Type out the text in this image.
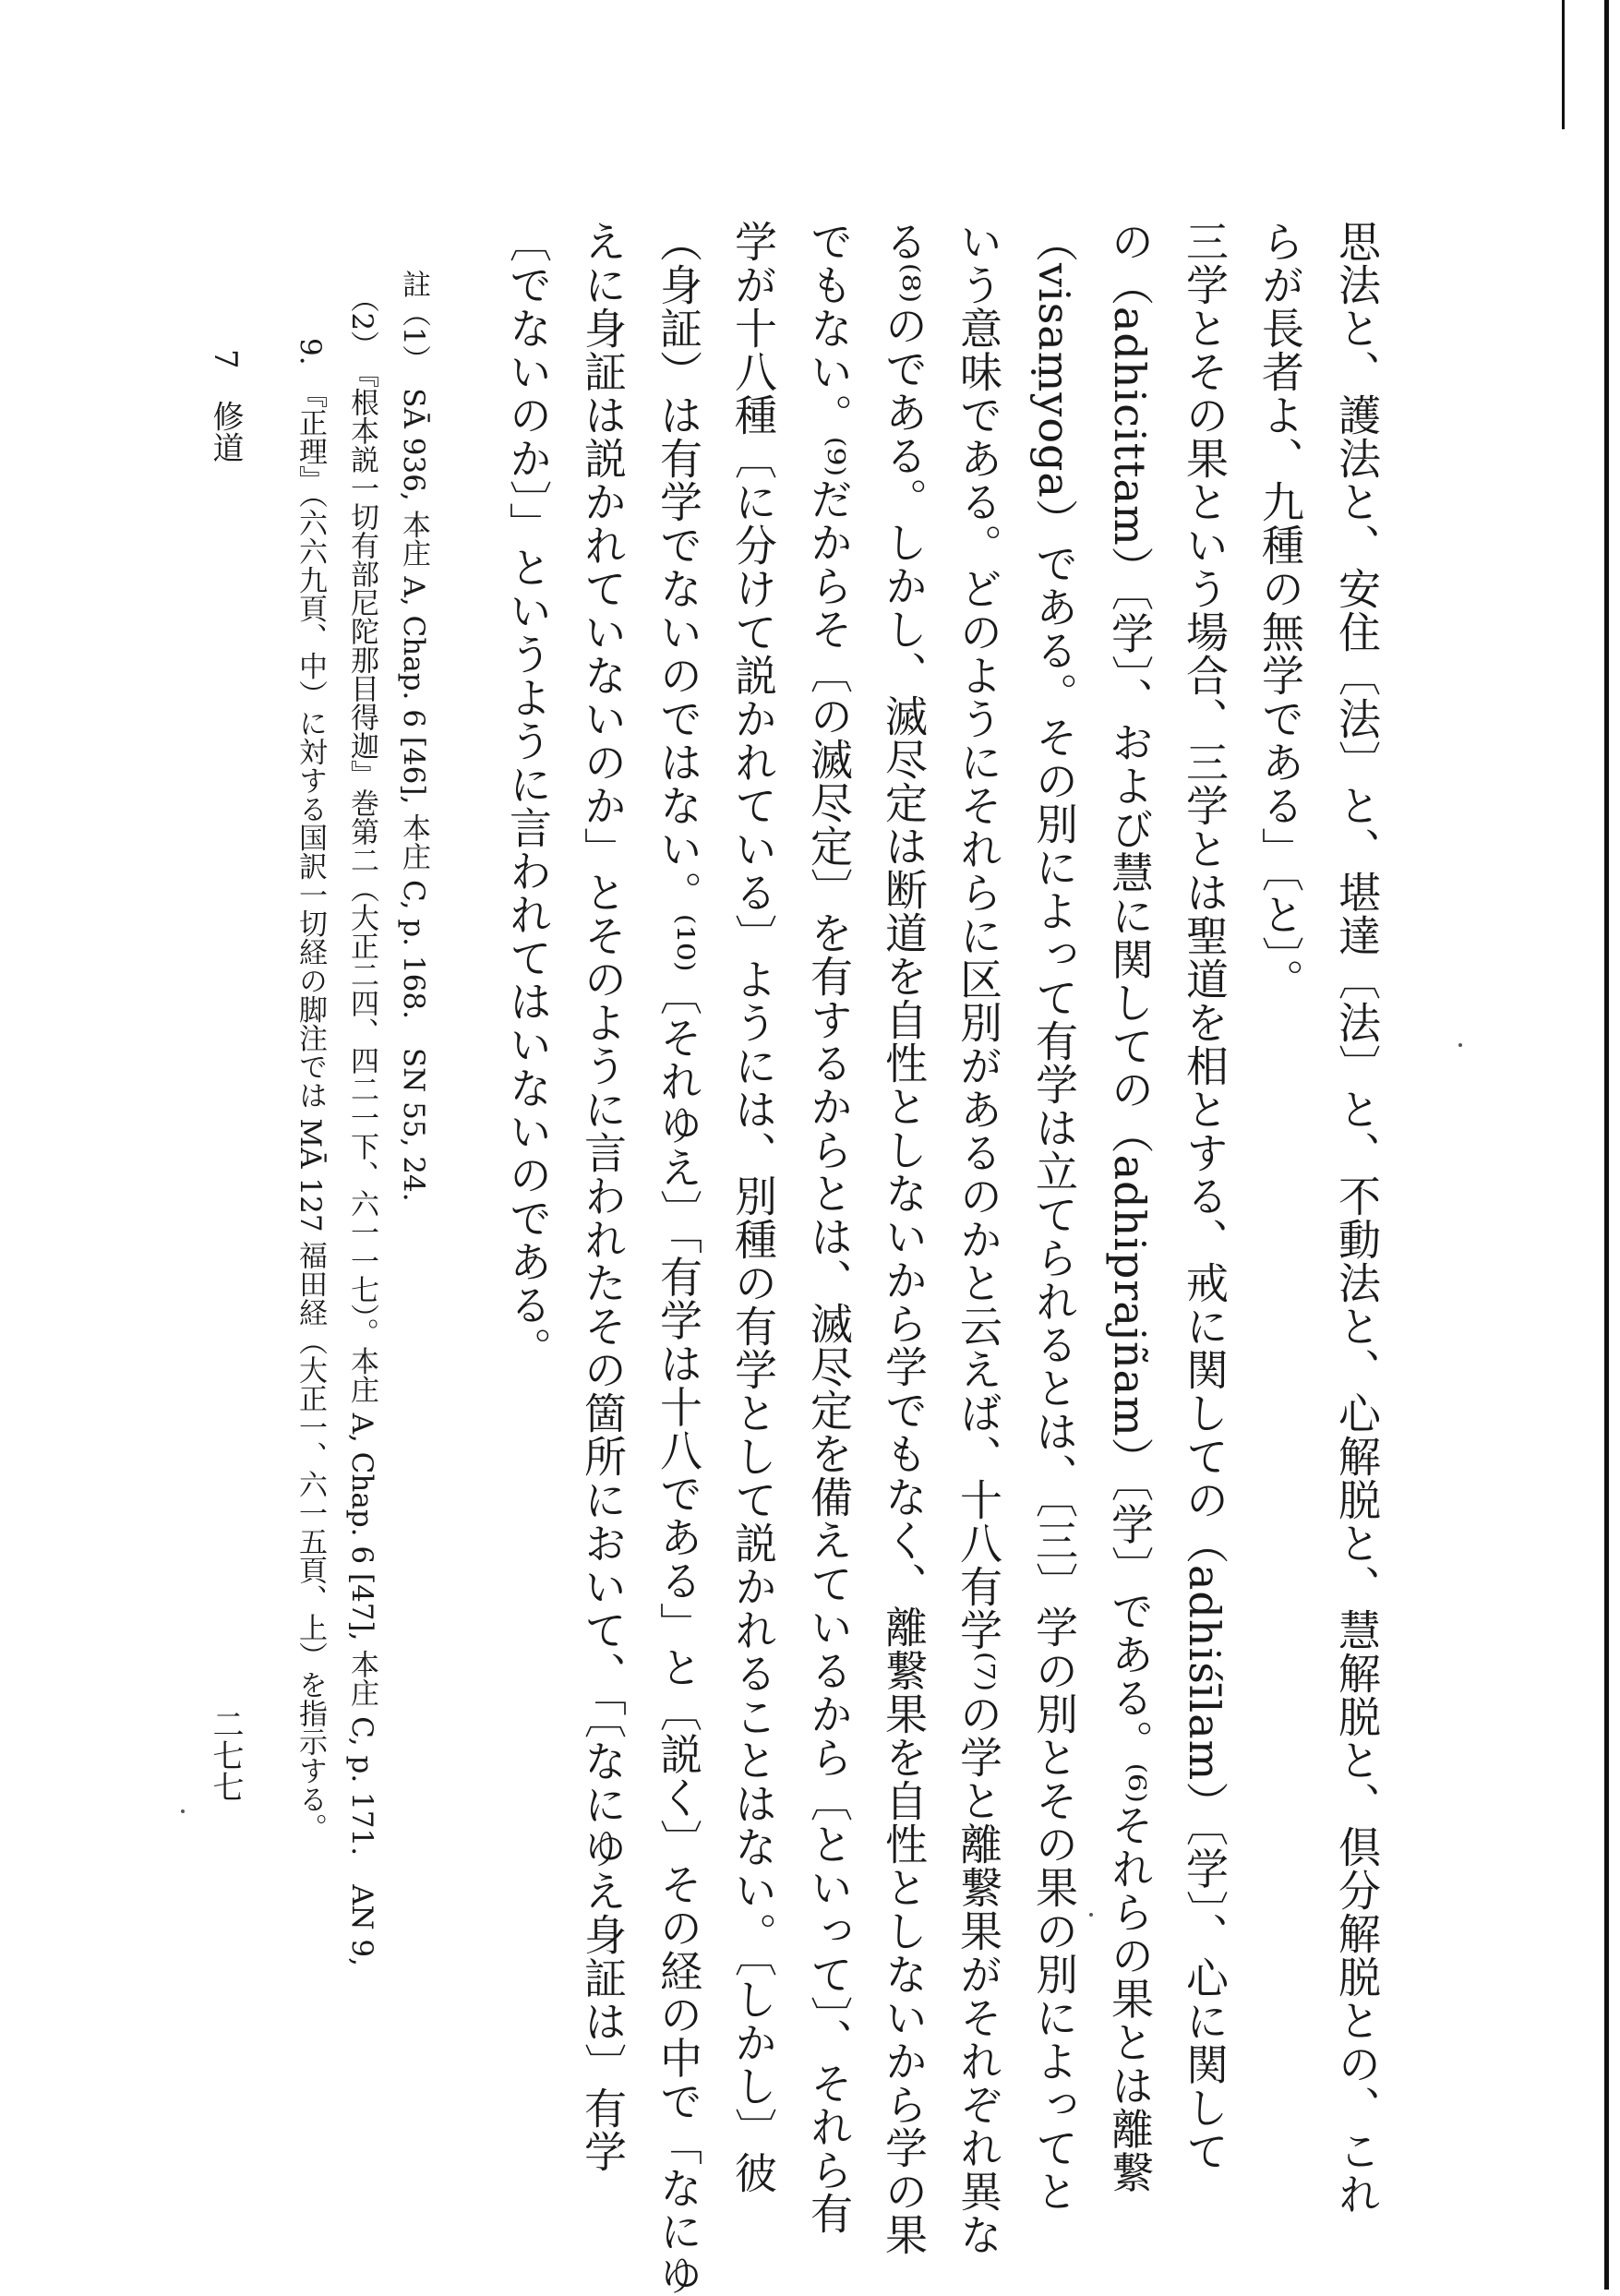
思法と、護法と、安住〔法〕と、堪達〔法〕と、不動法と、心解脱と、慧解脱と、倶分解脱との、これ
らが長者よ、九種の無学である」〔と〕。
三学とその果という場合、三学とは聖道を相とする、戒に関しての（adhiśīlam）〔学〕、心に関して
の（adhicittam）〔学〕、および慧に関しての（adhiprajñam）〔学〕である。⁽⁶⁾それらの果とは離繋
（visaṃyoga）である。その別によって有学は立てられるとは、〔三〕学の別とその果の別によってと
いう意味である。どのようにそれらに区別があるのかと云えば、十八有学⁽⁷⁾の学と離繋果がそれぞれ異な
る⁽⁸⁾のである。しかし、滅尽定は断道を自性としないから学でもなく、離繋果を自性としないから学の果
でもない。⁽⁹⁾だからそ〔の滅尽定〕を有するからとは、滅尽定を備えているから〔といって〕、それら有
学が十八種〔に分けて説かれている〕ようには、別種の有学として説かれることはない。〔しかし〕彼
（身証）は有学でないのではない。⁽¹⁰⁾〔それゆえ〕「有学は十八である」と〔説く〕その経の中で「なにゆ
えに身証は説かれていないのか」とそのように言われたその箇所において、「〔なにゆえ身証は〕有学
〔でないのか〕」というように言われてはいないのである。
註（1）　SĀ 936, 本庄 A, Chap. 6 [46], 本庄 C, p. 168.　SN 55, 24.
　（2）　『根本説一切有部尼陀那目得迦』巻第二（大正二四、四二一下、六一一七）。本庄 A, Chap. 6 [47], 本庄 C, p. 171.　AN 9,
9.　『正理』（六六九頁、中）に対する国訳一切経の脚注では MĀ 127 福田経（大正一、六一五頁、上）を指示する。
7　修道
二七七
